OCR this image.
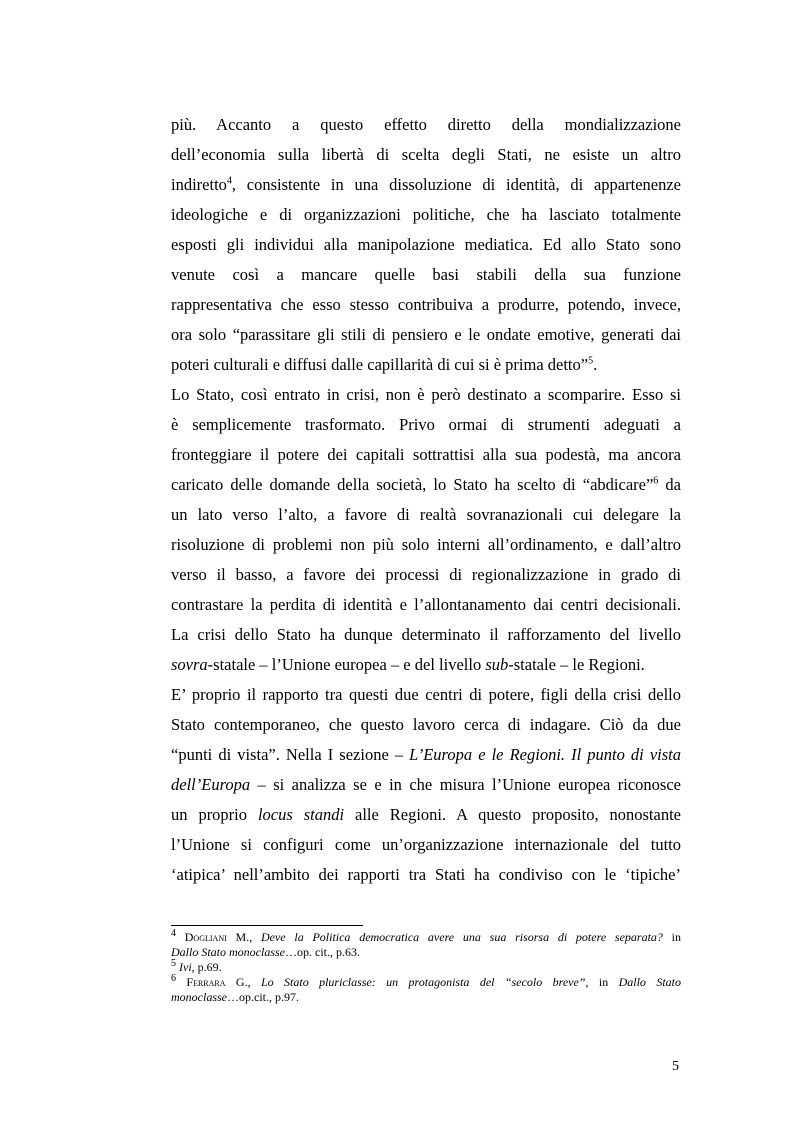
più. Accanto a questo effetto diretto della mondializzazione
dell’economia sulla libertà di scelta degli Stati, ne esiste un altro
indiretto$^4$, consistente in una dissoluzione di identità, di appartenenze
ideologiche e di organizzazioni politiche, che ha lasciato totalmente
esposti gli individui alla manipolazione mediatica. Ed allo Stato sono
venute così a mancare quelle basi stabili della sua funzione
rappresentativa che esso stesso contribuiva a produrre, potendo, invece,
ora solo “parassitare gli stili di pensiero e le ondate emotive, generati dai
poteri culturali e diffusi dalle capillarità di cui si è prima detto”$^5$.
Lo Stato, così entrato in crisi, non è però destinato a scomparire. Esso si
è semplicemente trasformato. Privo ormai di strumenti adeguati a
fronteggiare il potere dei capitali sottrattisi alla sua podestà, ma ancora
caricato delle domande della società, lo Stato ha scelto di “abdicare”$^6$ da
un lato verso l’alto, a favore di realtà sovranazionali cui delegare la
risoluzione di problemi non più solo interni all’ordinamento, e dall’altro
verso il basso, a favore dei processi di regionalizzazione in grado di
contrastare la perdita di identità e l’allontanamento dai centri decisionali.
La crisi dello Stato ha dunque determinato il rafforzamento del livello
sovra-statale – l’Unione europea – e del livello sub-statale – le Regioni.
E’ proprio il rapporto tra questi due centri di potere, figli della crisi dello
Stato contemporaneo, che questo lavoro cerca di indagare. Ciò da due
“punti di vista”. Nella I sezione – L’Europa e le Regioni. Il punto di vista
dell’Europa – si analizza se e in che misura l’Unione europea riconosce
un proprio locus standi alle Regioni. A questo proposito, nonostante
l’Unione si configuri come un’organizzazione internazionale del tutto
‘atipica’ nell’ambito dei rapporti tra Stati ha condiviso con le ‘tipiche’
$^4$ Dogliani M., Deve la Politica democratica avere una sua risorsa di potere separata? in
Dallo Stato monoclasse…op. cit., p.63.
$^5$ Ivi, p.69.
$^6$ Ferrara G., Lo Stato pluriclasse: un protagonista del “secolo breve”, in Dallo Stato
monoclasse…op.cit., p.97.
5
